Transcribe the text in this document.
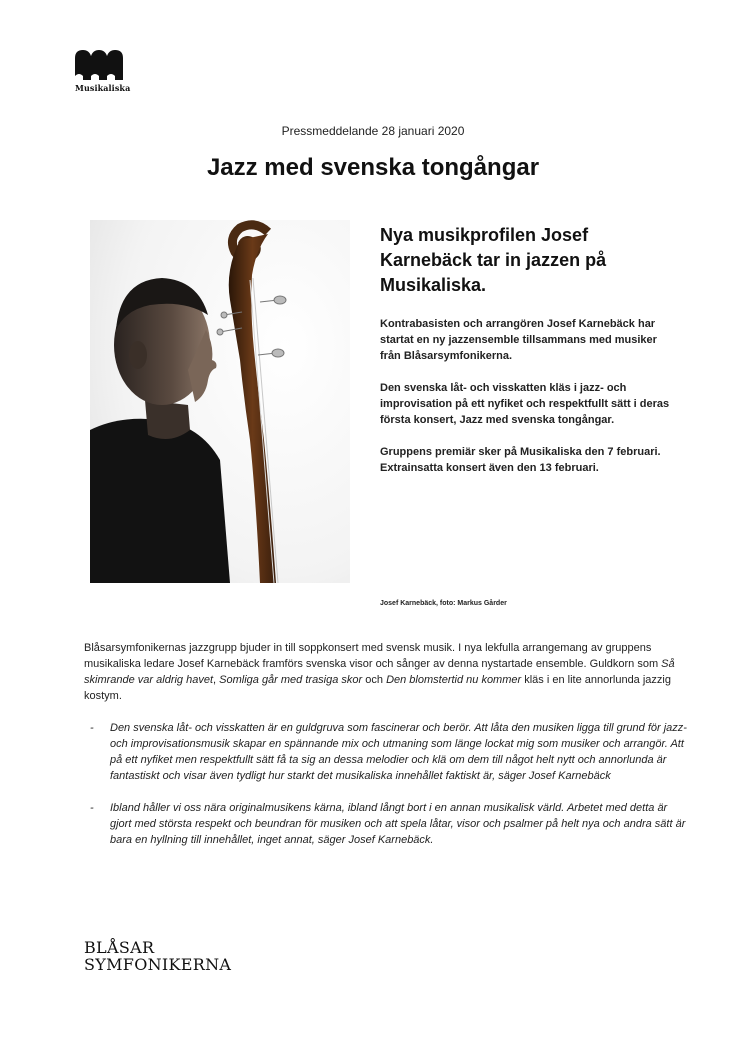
Musikaliska
Pressmeddelande 28 januari 2020
Jazz med svenska tongångar
Josef Karnebäck, foto: Markus Gårder
Nya musikprofilen Josef Karnebäck tar in jazzen på Musikaliska.

Kontrabasisten och arrangören Josef Karnebäck har startat en ny jazzensemble tillsammans med musiker från Blåsarsymfonikerna.

Den svenska låt- och visskatten kläs i jazz- och improvisation på ett nyfiket och respektfullt sätt i deras första konsert, Jazz med svenska tongångar.

Gruppens premiär sker på Musikaliska den 7 februari. Extrainsatta konsert även den 13 februari.

Blåsarsymfonikernas jazzgrupp bjuder in till soppkonsert med svensk musik. I nya lekfulla arrangemang av gruppens musikaliska ledare Josef Karnebäck framförs svenska visor och sånger av denna nystartade ensemble. Guldkorn som Så skimrande var aldrig havet, Somliga går med trasiga skor och Den blomstertid nu kommer kläs i en lite annorlunda jazzig kostym.

- Den svenska låt- och visskatten är en guldgruva som fascinerar och berör. Att låta den musiken ligga till grund för jazz- och improvisationsmusik skapar en spännande mix och utmaning som länge lockat mig som musiker och arrangör. Att på ett nyfiket men respektfullt sätt få ta sig an dessa melodier och klä om dem till något helt nytt och annorlunda är fantastiskt och visar även tydligt hur starkt det musikaliska innehållet faktiskt är, säger Josef Karnebäck
- Ibland håller vi oss nära originalmusikens kärna, ibland långt bort i en annan musikalisk värld. Arbetet med detta är gjort med största respekt och beundran för musiken och att spela låtar, visor och psalmer på helt nya och andra sätt är bara en hyllning till innehållet, inget annat, säger Josef Karnebäck.
BLÅSAR
SYMFONIKERNA
